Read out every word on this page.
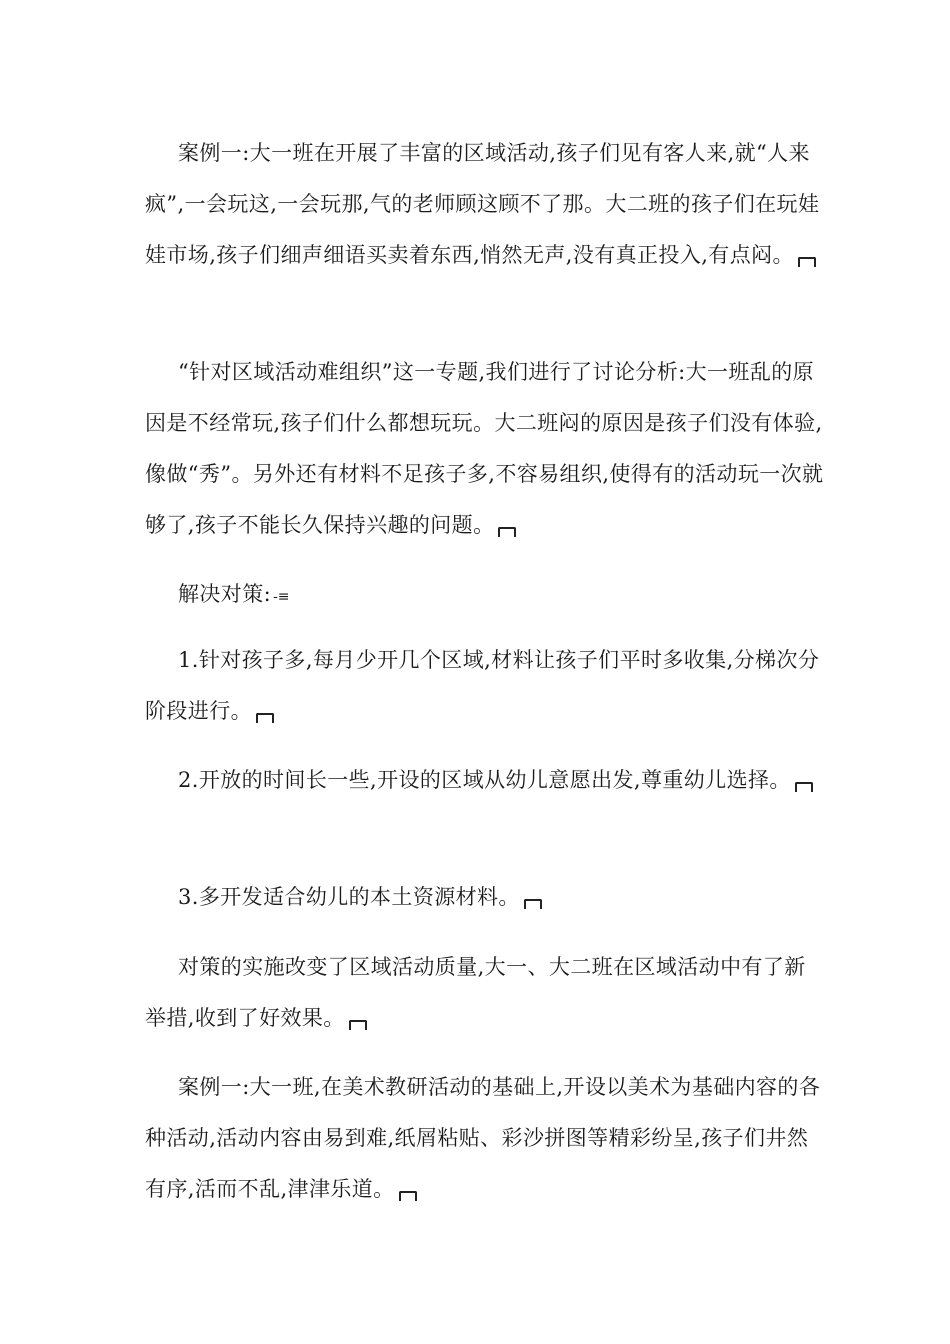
案例一:大一班在开展了丰富的区域活动,孩子们见有客人来,就“人来疯”,一会玩这,一会玩那,气的老师顾这顾不了那。大二班的孩子们在玩娃娃市场,孩子们细声细语买卖着东西,悄然无声,没有真正投入,有点闷。

“针对区域活动难组织”这一专题,我们进行了讨论分析:大一班乱的原因是不经常玩,孩子们什么都想玩玩。大二班闷的原因是孩子们没有体验,像做“秀”。另外还有材料不足孩子多,不容易组织,使得有的活动玩一次就够了,孩子不能长久保持兴趣的问题。

解决对策: -≡

1.针对孩子多,每月少开几个区域,材料让孩子们平时多收集,分梯次分阶段进行。

2.开放的时间长一些,开设的区域从幼儿意愿出发,尊重幼儿选择。

3.多开发适合幼儿的本土资源材料。

对策的实施改变了区域活动质量,大一、大二班在区域活动中有了新举措,收到了好效果。

案例一:大一班,在美术教研活动的基础上,开设以美术为基础内容的各种活动,活动内容由易到难,纸屑粘贴、彩沙拼图等精彩纷呈,孩子们井然有序,活而不乱,津津乐道。
